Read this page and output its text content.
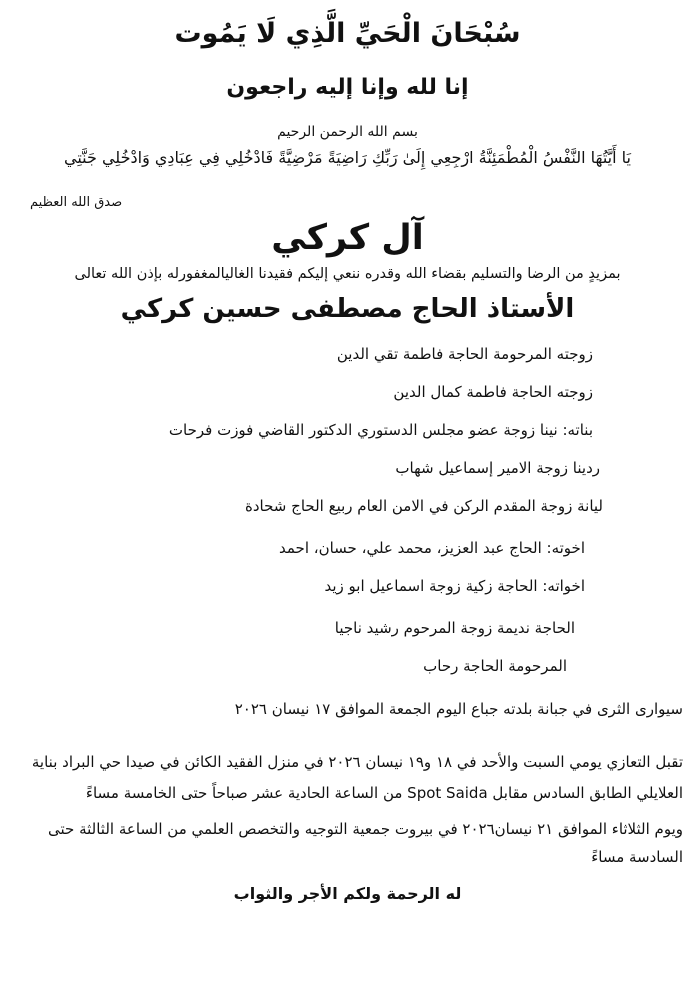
سُبْحَانَ الْحَيِّ الَّذِي لَا يَمُوت
إنا لله وإنا إليه راجعون
بسم الله الرحمن الرحيم
يَا أَيَّتُهَا النَّفْسُ الْمُطْمَئِنَّةُ ارْجِعِي إِلَىٰ رَبِّكِ رَاضِيَةً مَرْضِيَّةً فَادْخُلِي فِي عِبَادِي وَادْخُلِي جَنَّتِي
صدق الله العظيم
آل كركي
بمزيدٍ من الرضا والتسليم بقضاء الله وقدره ننعي إليكم فقيدنا الغاليالمغفورله بإذن الله تعالى
الأستاذ الحاج مصطفى حسين كركي
زوجته المرحومة الحاجة فاطمة تقي الدين
زوجته الحاجة فاطمة كمال الدين
بناته: نينا زوجة عضو مجلس الدستوري الدكتور القاضي فوزت فرحات
ردينا زوجة الامير إسماعيل شهاب
ليانة زوجة المقدم الركن في الامن العام ربيع الحاج شحادة
اخوته: الحاج عبد العزيز، محمد علي، حسان، احمد
اخواته: الحاجة زكية زوجة اسماعيل ابو زيد
الحاجة نديمة زوجة المرحوم رشيد ناجيا
المرحومة الحاجة رحاب
سيوارى الثرى في جبانة بلدته جباع اليوم الجمعة الموافق ١٧ نيسان ٢٠٢٦
تقبل التعازي يومي السبت والأحد في ١٨ و١٩ نيسان ٢٠٢٦ في منزل الفقيد الكائن في صيدا حي البراد بناية العلايلي الطابق السادس مقابل Spot Saida من الساعة الحادية عشر صباحاً حتى الخامسة مساءً
ويوم الثلاثاء الموافق ٢١ نيسان٢٠٢٦ في بيروت جمعية التوجيه والتخصص العلمي من الساعة الثالثة حتى السادسة مساءً
له الرحمة ولكم الأجر والثواب
